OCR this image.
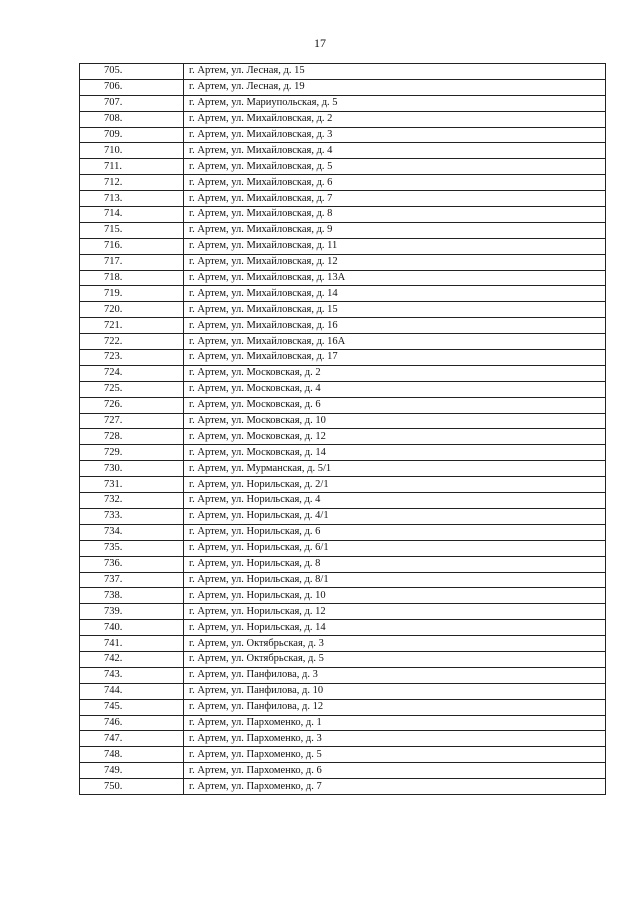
17
705.	г. Артем, ул. Лесная, д. 15
706.	г. Артем, ул. Лесная, д. 19
707.	г. Артем, ул. Мариупольская, д. 5
708.	г. Артем, ул. Михайловская, д. 2
709.	г. Артем, ул. Михайловская, д. 3
710.	г. Артем, ул. Михайловская, д. 4
711.	г. Артем, ул. Михайловская, д. 5
712.	г. Артем, ул. Михайловская, д. 6
713.	г. Артем, ул. Михайловская, д. 7
714.	г. Артем, ул. Михайловская, д. 8
715.	г. Артем, ул. Михайловская, д. 9
716.	г. Артем, ул. Михайловская, д. 11
717.	г. Артем, ул. Михайловская, д. 12
718.	г. Артем, ул. Михайловская, д. 13А
719.	г. Артем, ул. Михайловская, д. 14
720.	г. Артем, ул. Михайловская, д. 15
721.	г. Артем, ул. Михайловская, д. 16
722.	г. Артем, ул. Михайловская, д. 16А
723.	г. Артем, ул. Михайловская, д. 17
724.	г. Артем, ул. Московская, д. 2
725.	г. Артем, ул. Московская, д. 4
726.	г. Артем, ул. Московская, д. 6
727.	г. Артем, ул. Московская, д. 10
728.	г. Артем, ул. Московская, д. 12
729.	г. Артем, ул. Московская, д. 14
730.	г. Артем, ул. Мурманская, д. 5/1
731.	г. Артем, ул. Норильская, д. 2/1
732.	г. Артем, ул. Норильская, д. 4
733.	г. Артем, ул. Норильская, д. 4/1
734.	г. Артем, ул. Норильская, д. 6
735.	г. Артем, ул. Норильская, д. 6/1
736.	г. Артем, ул. Норильская, д. 8
737.	г. Артем, ул. Норильская, д. 8/1
738.	г. Артем, ул. Норильская, д. 10
739.	г. Артем, ул. Норильская, д. 12
740.	г. Артем, ул. Норильская, д. 14
741.	г. Артем, ул. Октябрьская, д. 3
742.	г. Артем, ул. Октябрьская, д. 5
743.	г. Артем, ул. Панфилова, д. 3
744.	г. Артем, ул. Панфилова, д. 10
745.	г. Артем, ул. Панфилова, д. 12
746.	г. Артем, ул. Пархоменко, д. 1
747.	г. Артем, ул. Пархоменко, д. 3
748.	г. Артем, ул. Пархоменко, д. 5
749.	г. Артем, ул. Пархоменко, д. 6
750.	г. Артем, ул. Пархоменко, д. 7
